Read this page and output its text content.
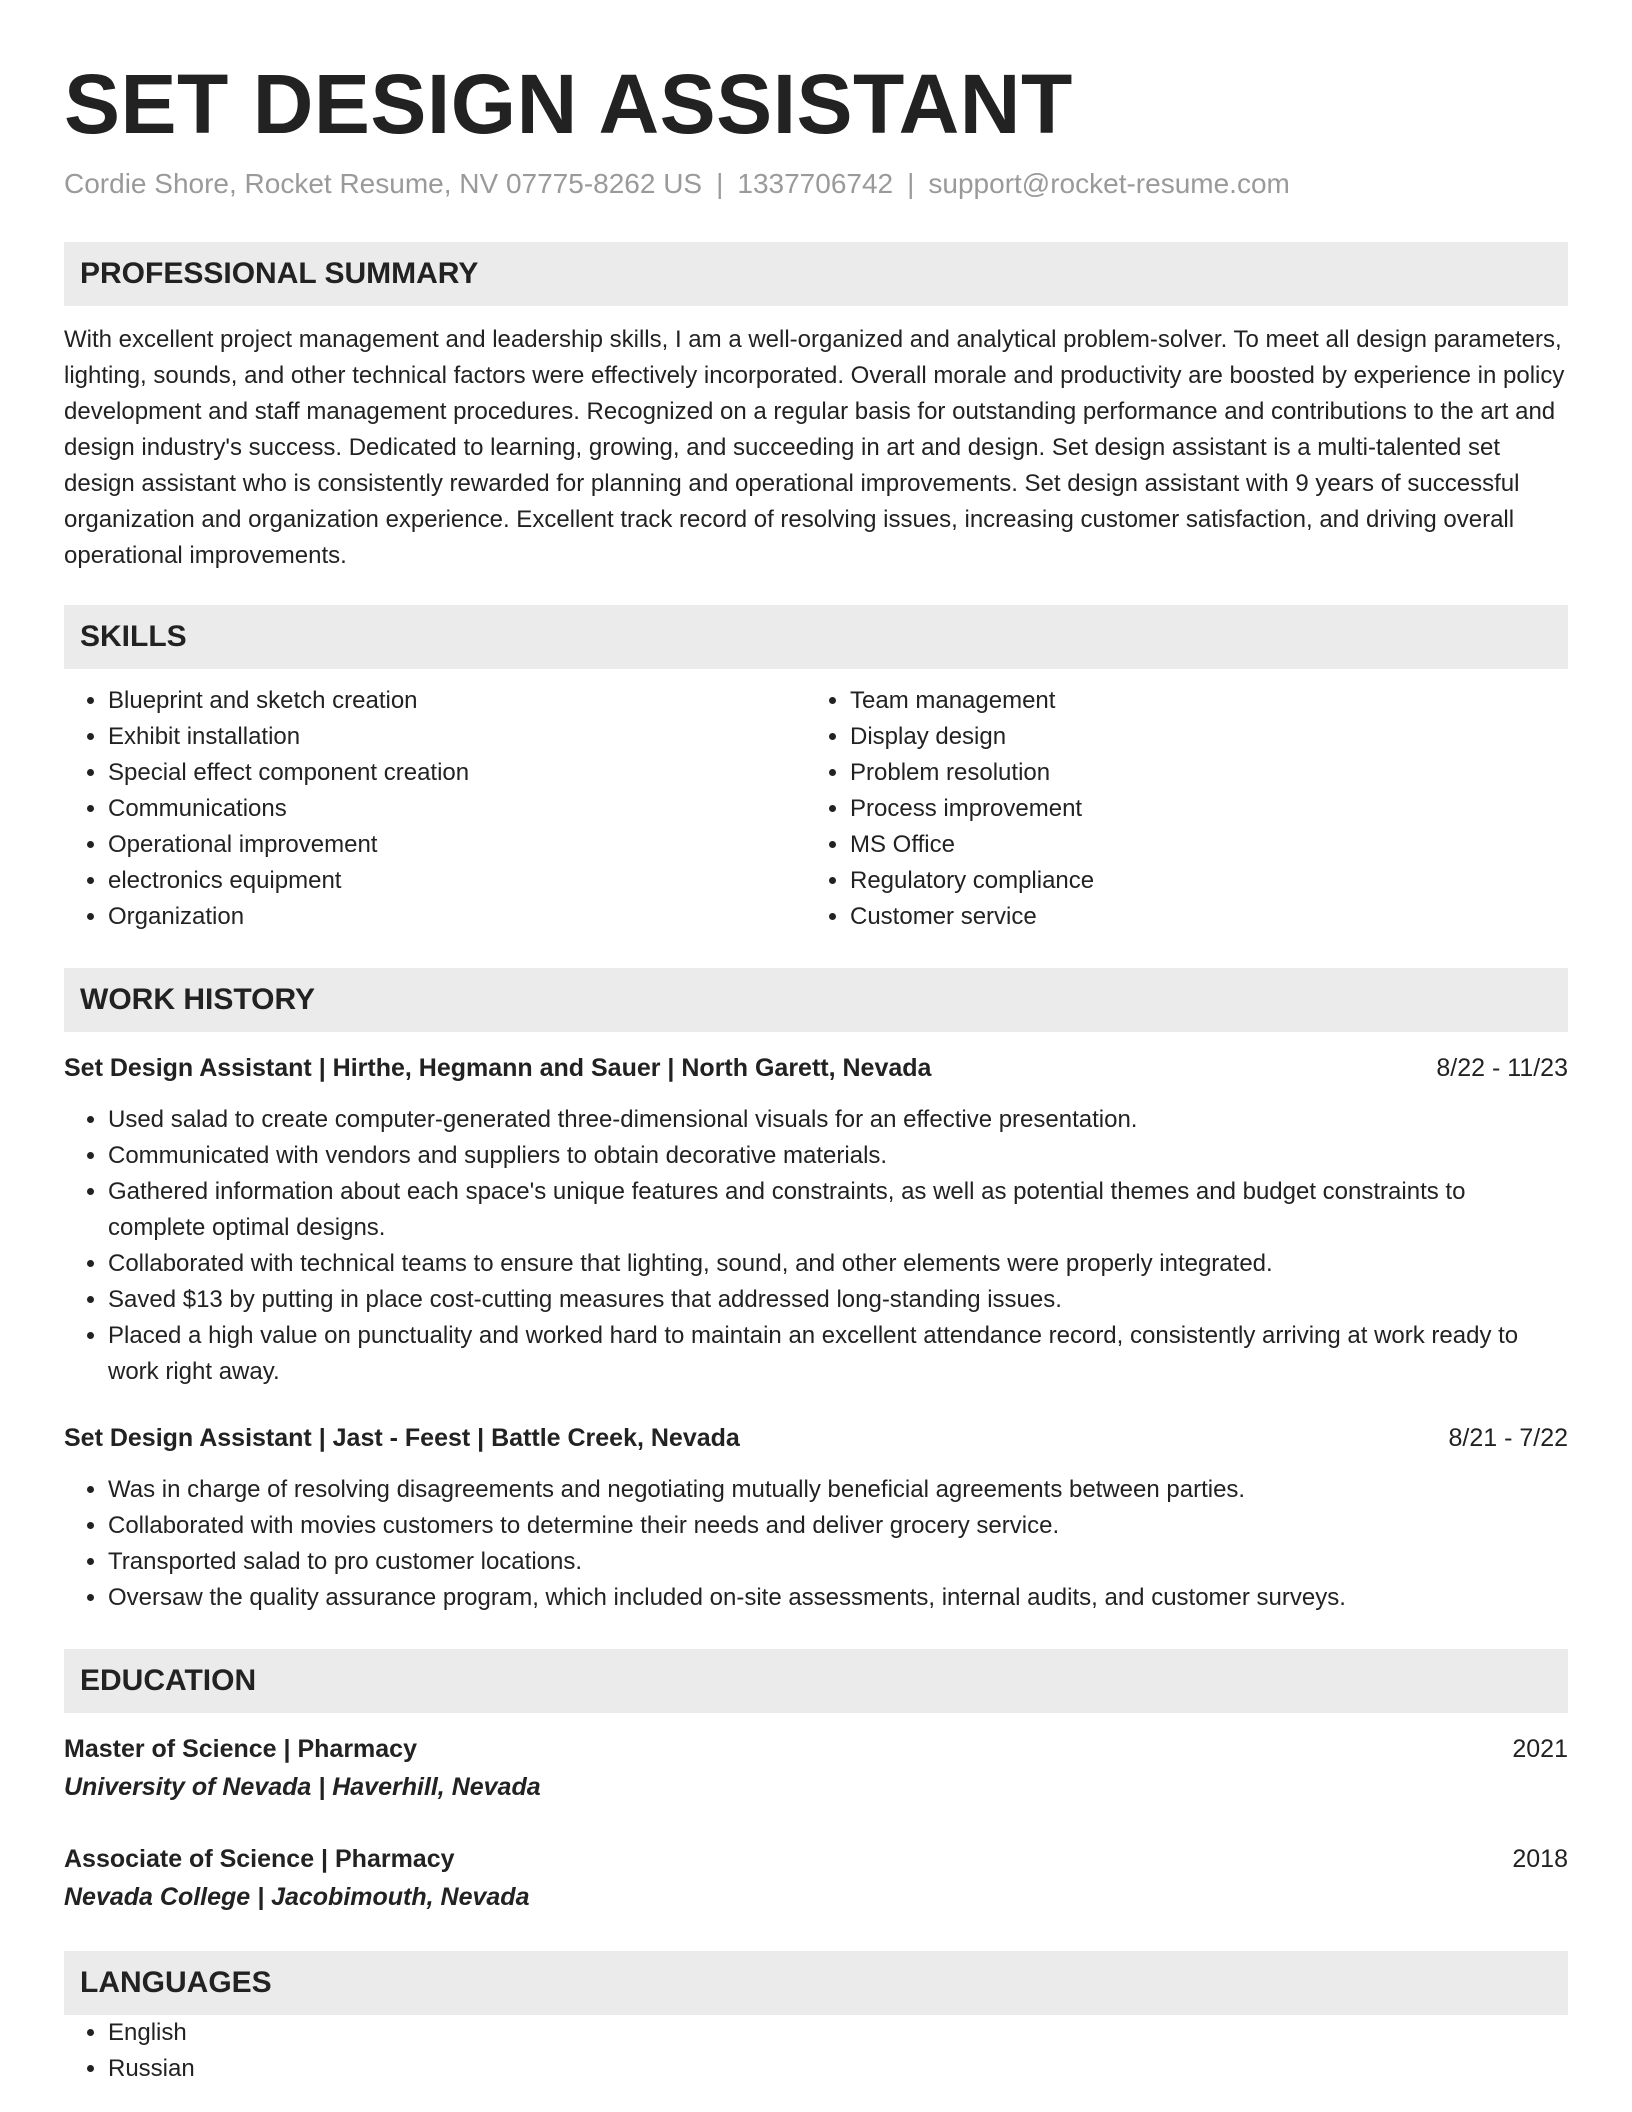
SET DESIGN ASSISTANT
Cordie Shore, Rocket Resume, NV 07775-8262 US | 1337706742 | support@rocket-resume.com
PROFESSIONAL SUMMARY

With excellent project management and leadership skills, I am a well-organized and analytical problem-solver. To meet all design parameters, lighting, sounds, and other technical factors were effectively incorporated. Overall morale and productivity are boosted by experience in policy development and staff management procedures. Recognized on a regular basis for outstanding performance and contributions to the art and design industry's success. Dedicated to learning, growing, and succeeding in art and design. Set design assistant is a multi-talented set design assistant who is consistently rewarded for planning and operational improvements. Set design assistant with 9 years of successful organization and organization experience. Excellent track record of resolving issues, increasing customer satisfaction, and driving overall operational improvements.

SKILLS
• Blueprint and sketch creation
• Exhibit installation
• Special effect component creation
• Communications
• Operational improvement
• electronics equipment
• Organization
• Team management
• Display design
• Problem resolution
• Process improvement
• MS Office
• Regulatory compliance
• Customer service
WORK HISTORY
Set Design Assistant | Hirthe, Hegmann and Sauer | North Garett, Nevada	8/22 - 11/23
• Used salad to create computer-generated three-dimensional visuals for an effective presentation.
• Communicated with vendors and suppliers to obtain decorative materials.
• Gathered information about each space's unique features and constraints, as well as potential themes and budget constraints to complete optimal designs.
• Collaborated with technical teams to ensure that lighting, sound, and other elements were properly integrated.
• Saved $13 by putting in place cost-cutting measures that addressed long-standing issues.
• Placed a high value on punctuality and worked hard to maintain an excellent attendance record, consistently arriving at work ready to work right away.
Set Design Assistant | Jast - Feest | Battle Creek, Nevada	8/21 - 7/22
• Was in charge of resolving disagreements and negotiating mutually beneficial agreements between parties.
• Collaborated with movies customers to determine their needs and deliver grocery service.
• Transported salad to pro customer locations.
• Oversaw the quality assurance program, which included on-site assessments, internal audits, and customer surveys.
EDUCATION
Master of Science | Pharmacy	2021
University of Nevada | Haverhill, Nevada
Associate of Science | Pharmacy	2018
Nevada College | Jacobimouth, Nevada
LANGUAGES
• English
• Russian
